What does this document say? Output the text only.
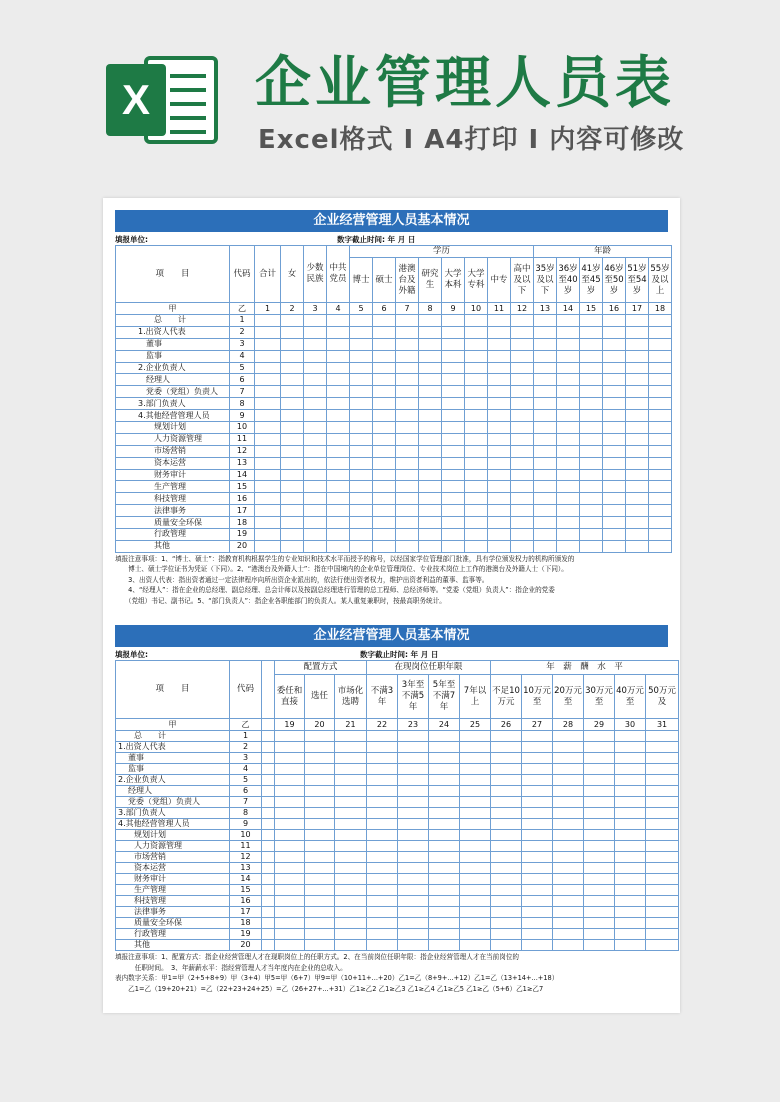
X 企业管理人员表
Excel格式 I A4打印 I 内容可修改
企业经营管理人员基本情况
填报单位:	数字截止时间: 年 月 日
项　　目	代码	合计	女	少数民族	中共党员	学历								年龄					
						博士	硕士	港澳台及外籍	研究生	大学本科	大学专科	中专	高中及以下	35岁及以下	36岁至40岁	41岁至45岁	46岁至50岁	51岁至54岁	55岁及以上
甲	乙	1	2	3	4	5	6	7	8	9	10	11	12	13	14	15	16	17	18
总　　计	1																		
1.出资人代表	2																		
董事	3																		
监事	4																		
2.企业负责人	5																		
经理人	6																		
党委（党组）负责人	7																		
3.部门负责人	8																		
4.其他经营管理人员	9																		
规划计划	10																		
人力资源管理	11																		
市场营销	12																		
资本运营	13																		
财务审计	14																		
生产管理	15																		
科技管理	16																		
法律事务	17																		
质量安全环保	18																		
行政管理	19																		
其他	20																		
填报注意事项：1、“博士、硕士”：指教育机构根据学生的专业知识和技术水平而授予的称号，以经国家学位管理部门批准，具有学位颁发权力的机构所颁发的
　　博士、硕士学位证书为凭证（下同）。2、“港澳台及外籍人士”：指在中国境内的企业单位管理岗位、专业技术岗位上工作的港澳台及外籍人士（下同）。
　　3、出资人代表：指出资者通过一定法律程序向所出资企业派出的，依法行使出资者权力，维护出资者利益的董事、监事等。
　　4、“经理人”：指在企业的总经理、副总经理、总会计师以及按副总经理进行管理的总工程师、总经济师等。“党委（党组）负责人”：指企业的党委
　　（党组）书记、副书记。5、“部门负责人”：指企业各职能部门的负责人。某人重复兼职时，按最高职务统计。
企业经营管理人员基本情况
填报单位:	数字截止时间: 年 月 日
项　　目	代码		配置方式			在现岗位任职年限				年　薪　酬　水　平					
			委任和直接	选任	市场化选聘	不满3年	3年至不满5年	5年至不满7年	7年以上	不足10万元	10万元至	20万元至	30万元至	40万元至	50万元及
甲	乙		19	20	21	22	23	24	25	26	27	28	29	30	31
总　　计	1														
1.出资人代表	2														
董事	3														
监事	4														
2.企业负责人	5														
经理人	6														
党委（党组）负责人	7														
3.部门负责人	8														
4.其他经营管理人员	9														
规划计划	10														
人力资源管理	11														
市场营销	12														
资本运营	13														
财务审计	14														
生产管理	15														
科技管理	16														
法律事务	17														
质量安全环保	18														
行政管理	19														
其他	20														
填报注意事项：1、配置方式：指企业经营管理人才在现职岗位上的任职方式。2、在当前岗位任职年限：指企业经营管理人才在当前岗位的
　　　任职时间。　3、年薪薪水平：指经营管理人才当年度内在企业的总收入。
表内数字关系：甲1=甲（2+5+8+9）甲（3+4）甲5=甲（6+7）甲9=甲（10+11+...+20）乙1=乙（8+9+...+12）乙1=乙（13+14+...+18）
　　乙1=乙（19+20+21）=乙（22+23+24+25）=乙（26+27+...+31）乙1≥乙2 乙1≥乙3 乙1≥乙4 乙1≥乙5 乙1≥乙（5+6）乙1≥乙7
